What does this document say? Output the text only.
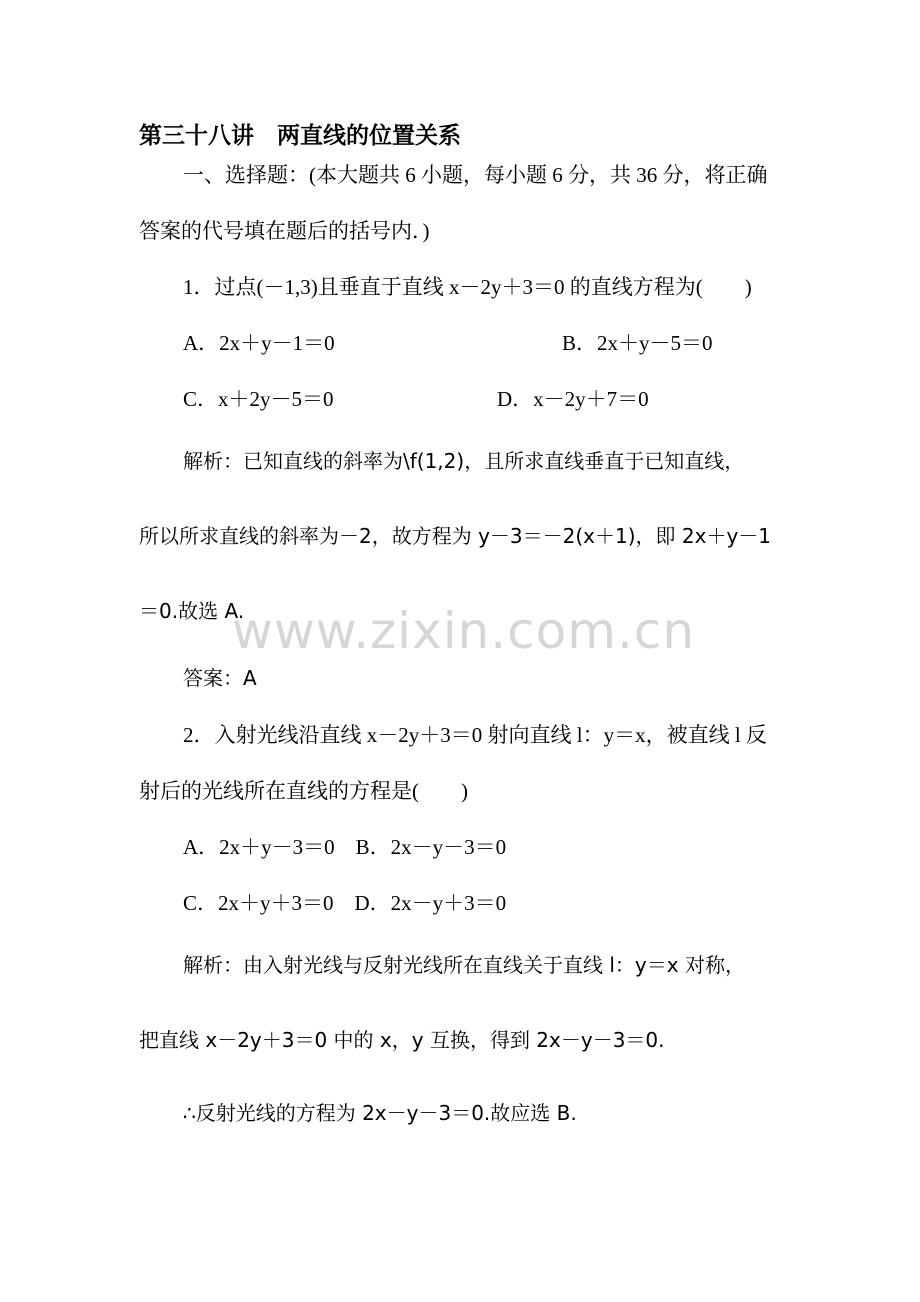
第三十八讲　两直线的位置关系
一、选择题：(本大题共 6 小题，每小题 6 分，共 36 分，将正确
答案的代号填在题后的括号内．)
1．过点(－1,3)且垂直于直线 x－2y＋3＝0 的直线方程为(　　)
A．2x＋y－1＝0	B．2x＋y－5＝0
C．x＋2y－5＝0	D．x－2y＋7＝0
解析：已知直线的斜率为\f(1,2)，且所求直线垂直于已知直线，
所以所求直线的斜率为－2，故方程为 y－3＝－2(x＋1)，即 2x＋y－1
＝0.故选 A.
www.zixin.com.cn
答案：A
2．入射光线沿直线 x－2y＋3＝0 射向直线 l：y＝x，被直线 l 反
射后的光线所在直线的方程是(　　)
A．2x＋y－3＝0　B．2x－y－3＝0
C．2x＋y＋3＝0　D．2x－y＋3＝0
解析：由入射光线与反射光线所在直线关于直线 l：y＝x 对称，
把直线 x－2y＋3＝0 中的 x，y 互换，得到 2x－y－3＝0.
∴反射光线的方程为 2x－y－3＝0.故应选 B.
